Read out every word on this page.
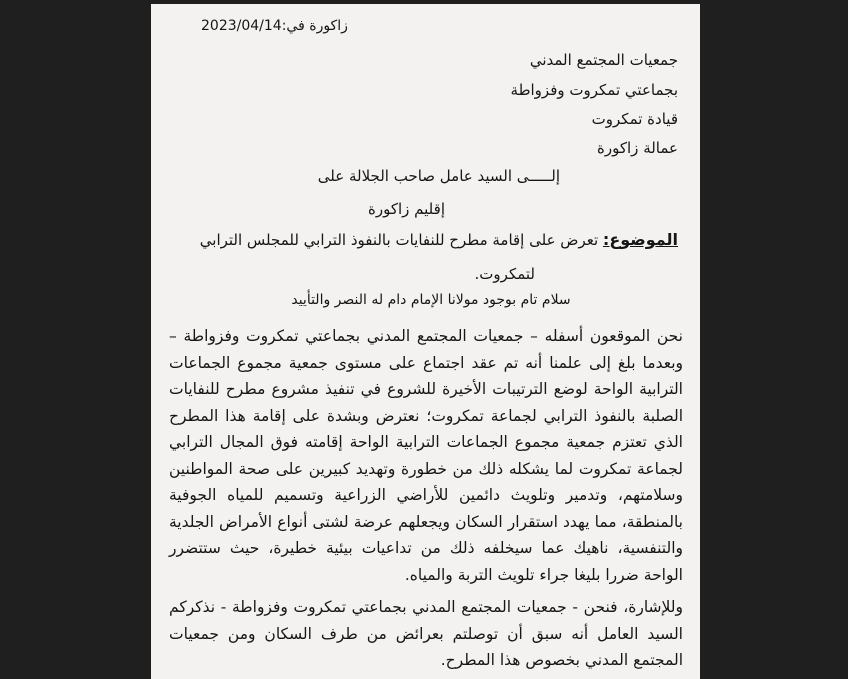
زاكورة في:2023/04/14
جمعيات المجتمع المدني
بجماعتي تمكروت وفزواطة
قيادة تمكروت
عمالة زاكورة
إلـــــى السيد عامل صاحب الجلالة على
إقليم زاكورة
الموضوع: تعرض على إقامة مطرح للنفايات بالنفوذ الترابي للمجلس الترابي
لتمكروت.
سلام تام بوجود مولانا الإمام دام له النصر والتأييد
نحن الموقعون أسفله – جمعيات المجتمع المدني بجماعتي تمكروت وفزواطة – وبعدما بلغ إلى علمنا أنه تم عقد اجتماع على مستوى جمعية مجموع الجماعات الترابية الواحة لوضع الترتيبات الأخيرة للشروع في تنفيذ مشروع مطرح للنفايات الصلبة بالنفوذ الترابي لجماعة تمكروت؛ نعترض وبشدة على إقامة هذا المطرح الذي تعتزم جمعية مجموع الجماعات الترابية الواحة إقامته فوق المجال الترابي لجماعة تمكروت لما يشكله ذلك من خطورة وتهديد كبيرين على صحة المواطنين وسلامتهم، وتدمير وتلويث دائمين للأراضي الزراعية وتسميم للمياه الجوفية بالمنطقة، مما يهدد استقرار السكان ويجعلهم عرضة لشتى أنواع الأمراض الجلدية والتنفسية، ناهيك عما سيخلفه ذلك من تداعيات بيئية خطيرة، حيث ستتضرر الواحة ضررا بليغا جراء تلويث التربة والمياه.
وللإشارة، فنحن - جمعيات المجتمع المدني بجماعتي تمكروت وفزواطة - نذكركم السيد العامل أنه سبق أن توصلتم بعرائض من طرف السكان ومن جمعيات المجتمع المدني بخصوص هذا المطرح.
